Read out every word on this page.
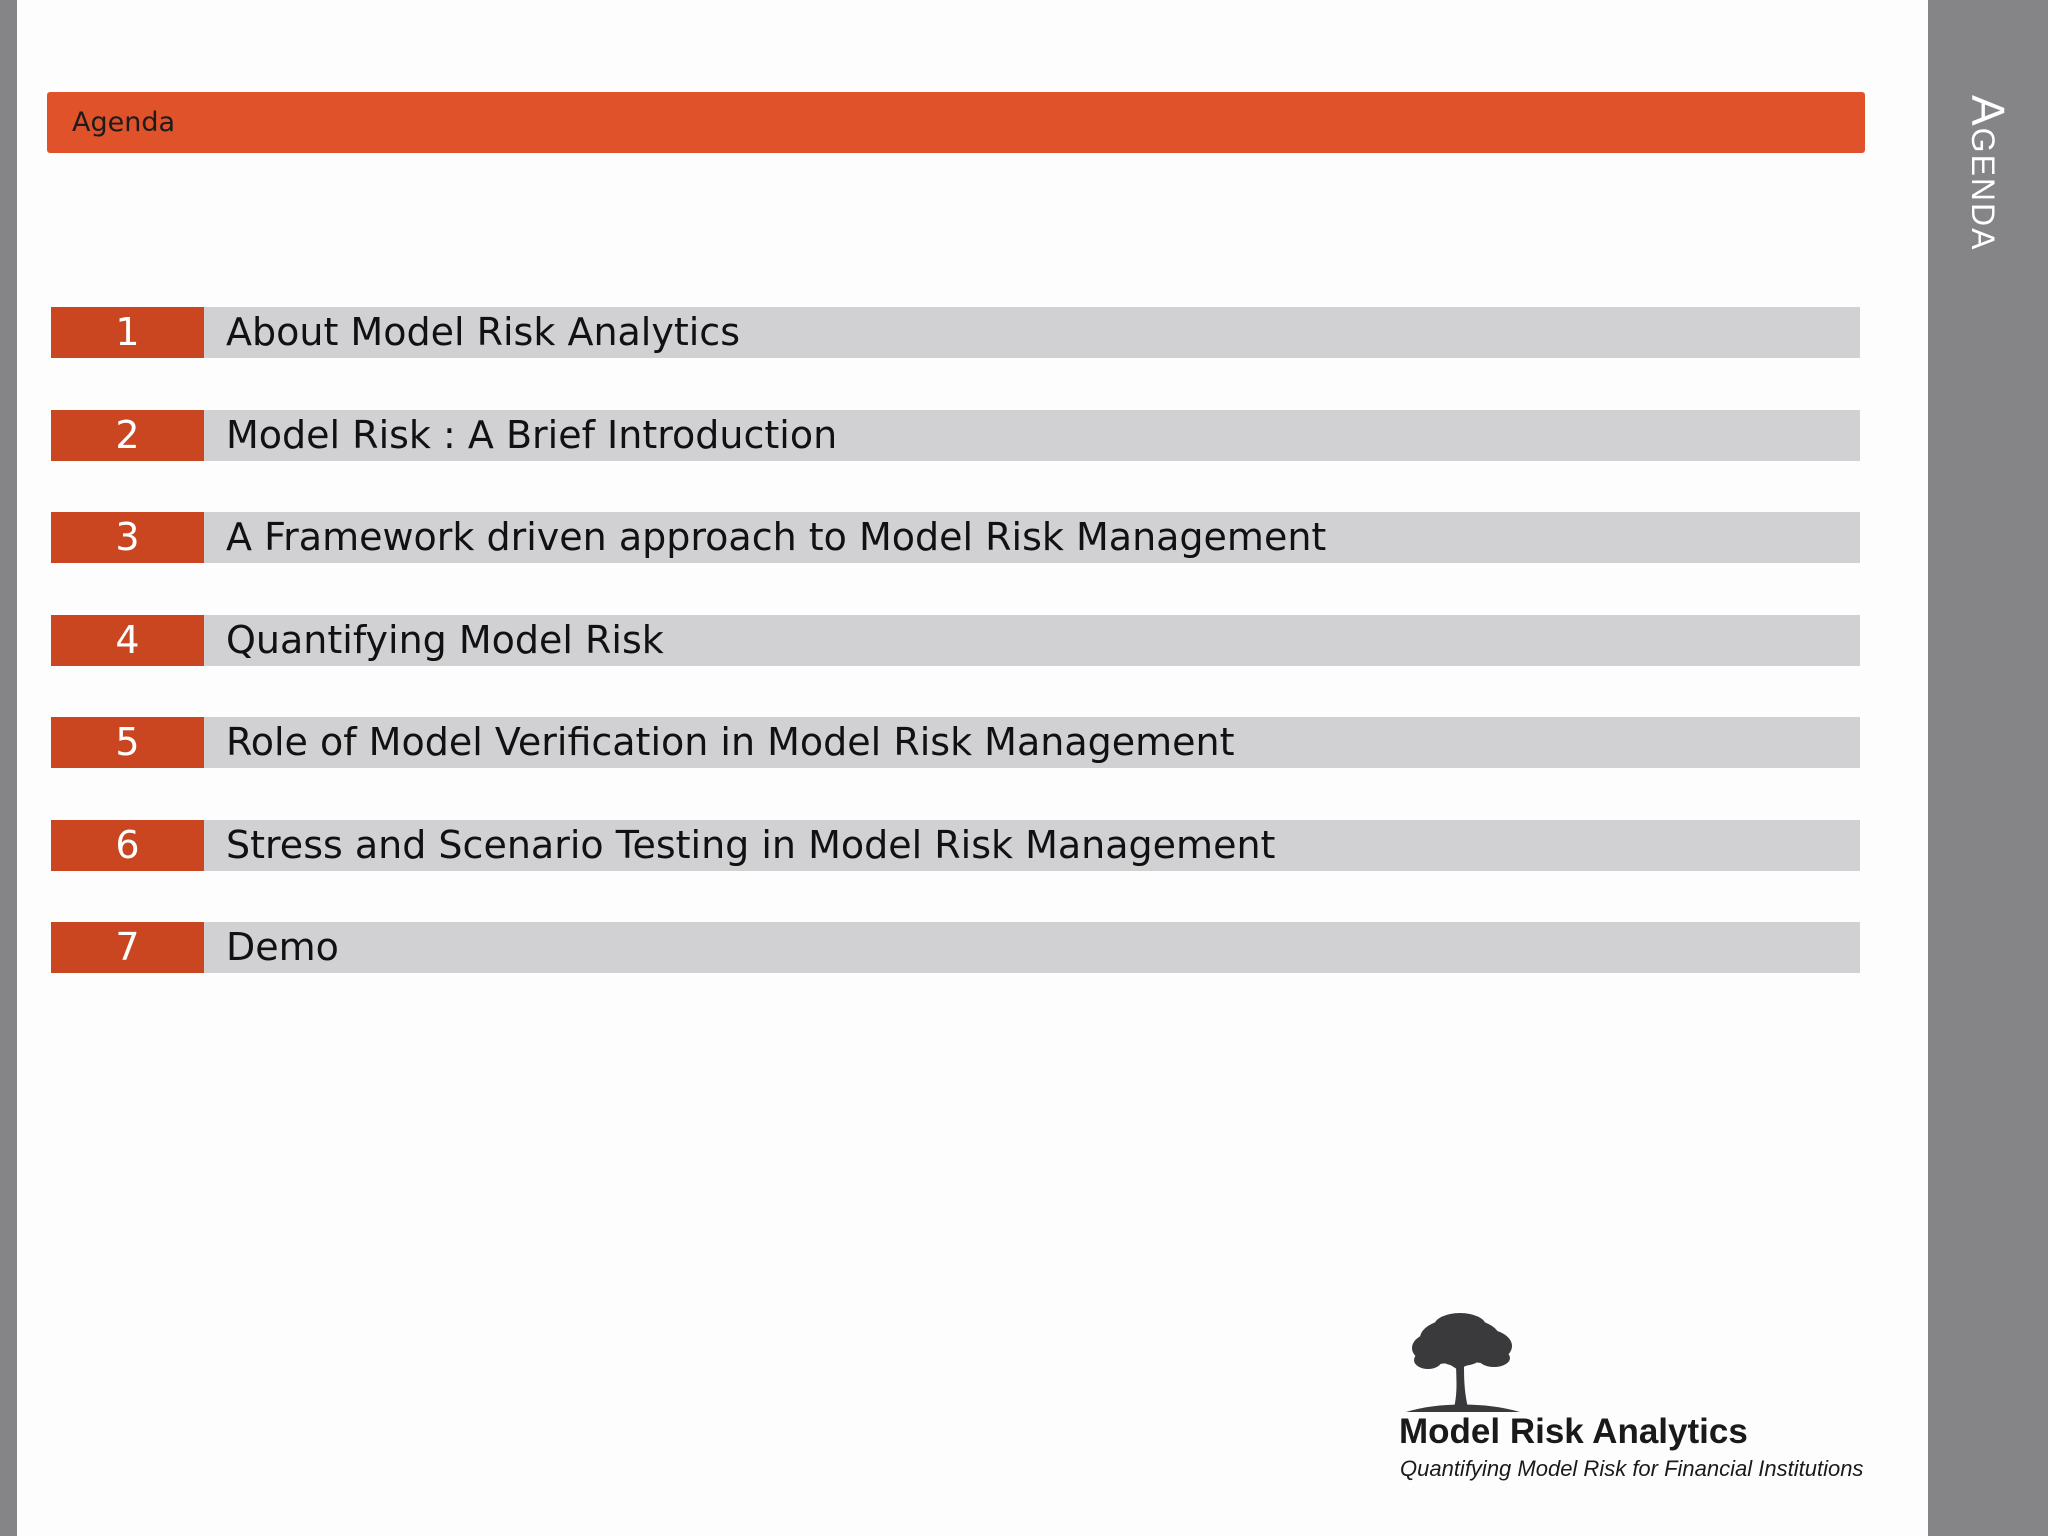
Agenda
Agenda
1	About Model Risk Analytics
2	Model Risk : A Brief Introduction
3	A Framework driven approach to Model Risk Management
4	Quantifying Model Risk
5	Role of Model Verification in Model Risk Management
6	Stress and Scenario Testing in Model Risk Management
7	Demo
Model Risk Analytics
Quantifying Model Risk for Financial Institutions
